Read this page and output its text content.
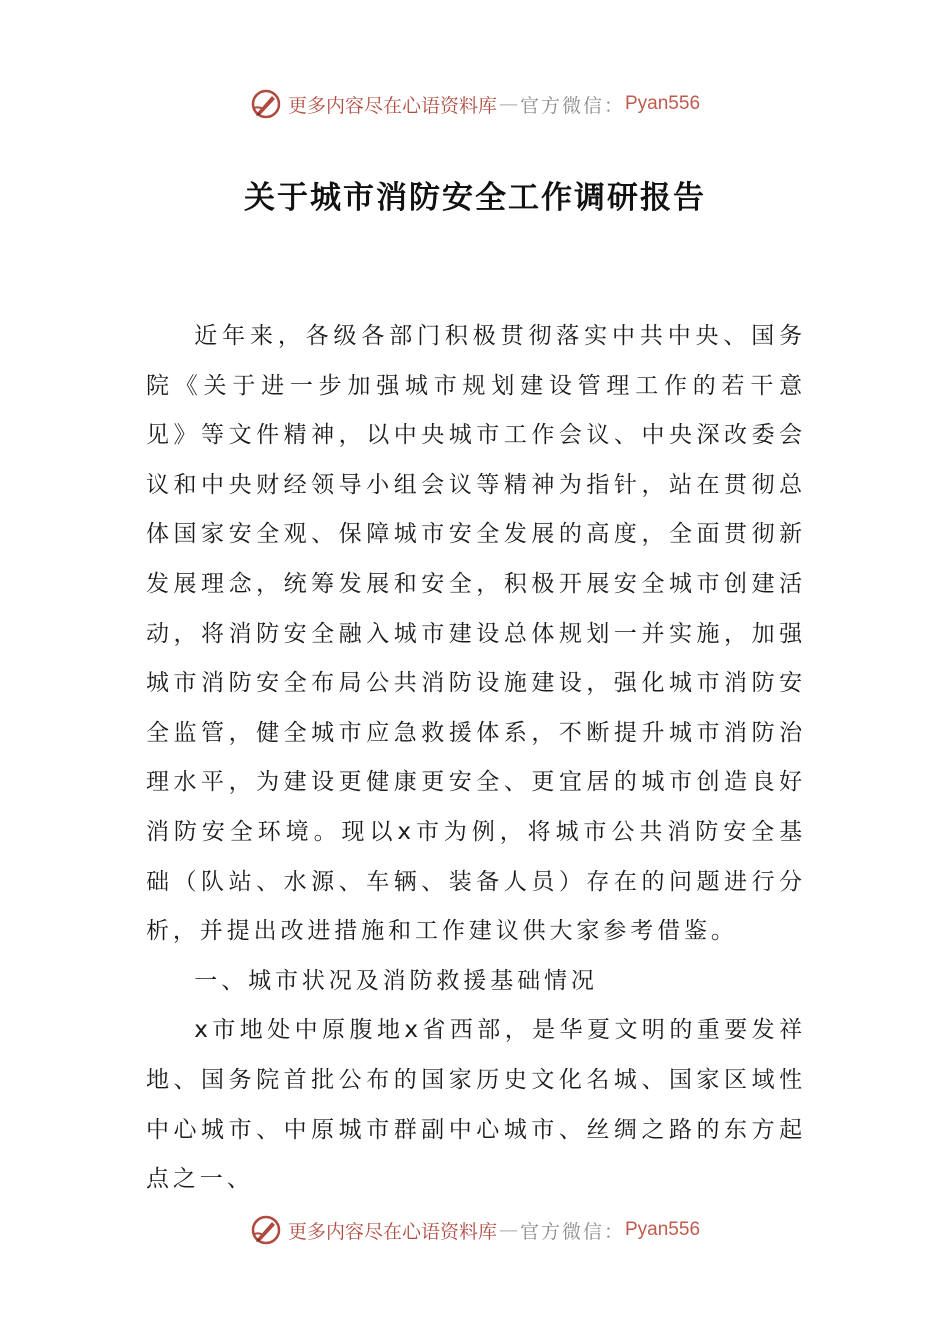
更多内容尽在心语资料库 — 官方微信： Pyan556
关于城市消防安全工作调研报告

近年来，各级各部门积极贯彻落实中共中央、国务院《关于进一步加强城市规划建设管理工作的若干意见》等文件精神，以中央城市工作会议、中央深改委会议和中央财经领导小组会议等精神为指针，站在贯彻总体国家安全观、保障城市安全发展的高度，全面贯彻新发展理念，统筹发展和安全，积极开展安全城市创建活动，将消防安全融入城市建设总体规划一并实施，加强城市消防安全布局公共消防设施建设，强化城市消防安全监管，健全城市应急救援体系，不断提升城市消防治理水平，为建设更健康更安全、更宜居的城市创造良好消防安全环境。现以x市为例，将城市公共消防安全基础（队站、水源、车辆、装备人员）存在的问题进行分析，并提出改进措施和工作建议供大家参考借鉴。

一、城市状况及消防救援基础情况

x市地处中原腹地x省西部，是华夏文明的重要发祥地、国务院首批公布的国家历史文化名城、国家区域性中心城市、中原城市群副中心城市、丝绸之路的东方起点之一、

更多内容尽在心语资料库 — 官方微信： Pyan556
